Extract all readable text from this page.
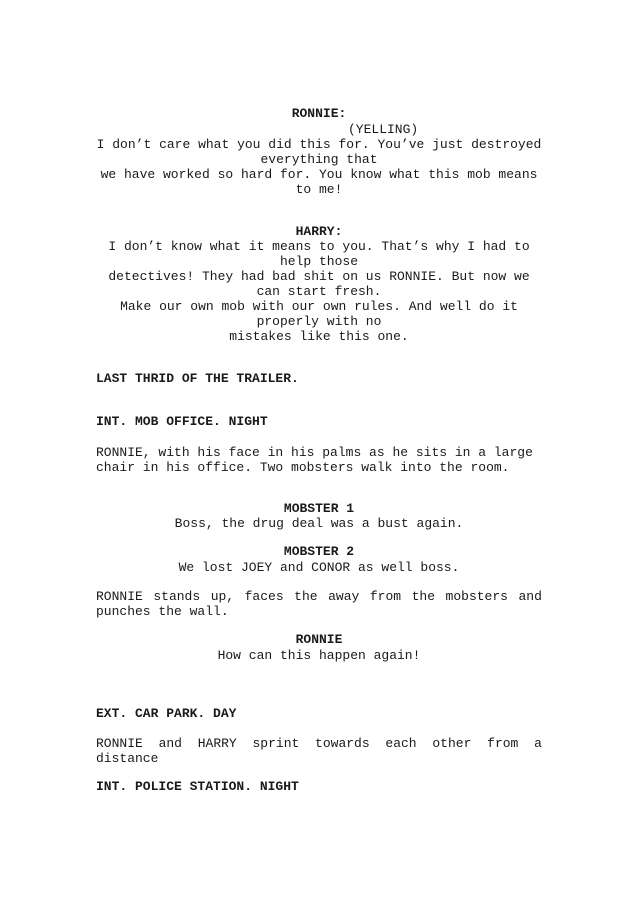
RONNIE:
(YELLING)
I don’t care what you did this for. You’ve just destroyed
everything that
we have worked so hard for. You know what this mob means
to me!
HARRY:
I don’t know what it means to you. That’s why I had to
help those
detectives! They had bad shit on us RONNIE. But now we
can start fresh.
Make our own mob with our own rules. And well do it
properly with no
mistakes like this one.
LAST THRID OF THE TRAILER.
INT. MOB OFFICE. NIGHT
RONNIE, with his face in his palms as he sits in a large
chair in his office. Two mobsters walk into the room.
MOBSTER 1
Boss, the drug deal was a bust again.
MOBSTER 2
We lost JOEY and CONOR as well boss.
RONNIE stands up, faces the away from the mobsters and
punches the wall.
RONNIE
How can this happen again!
EXT. CAR PARK. DAY
RONNIE and HARRY sprint towards each other from a
distance
INT. POLICE STATION. NIGHT
